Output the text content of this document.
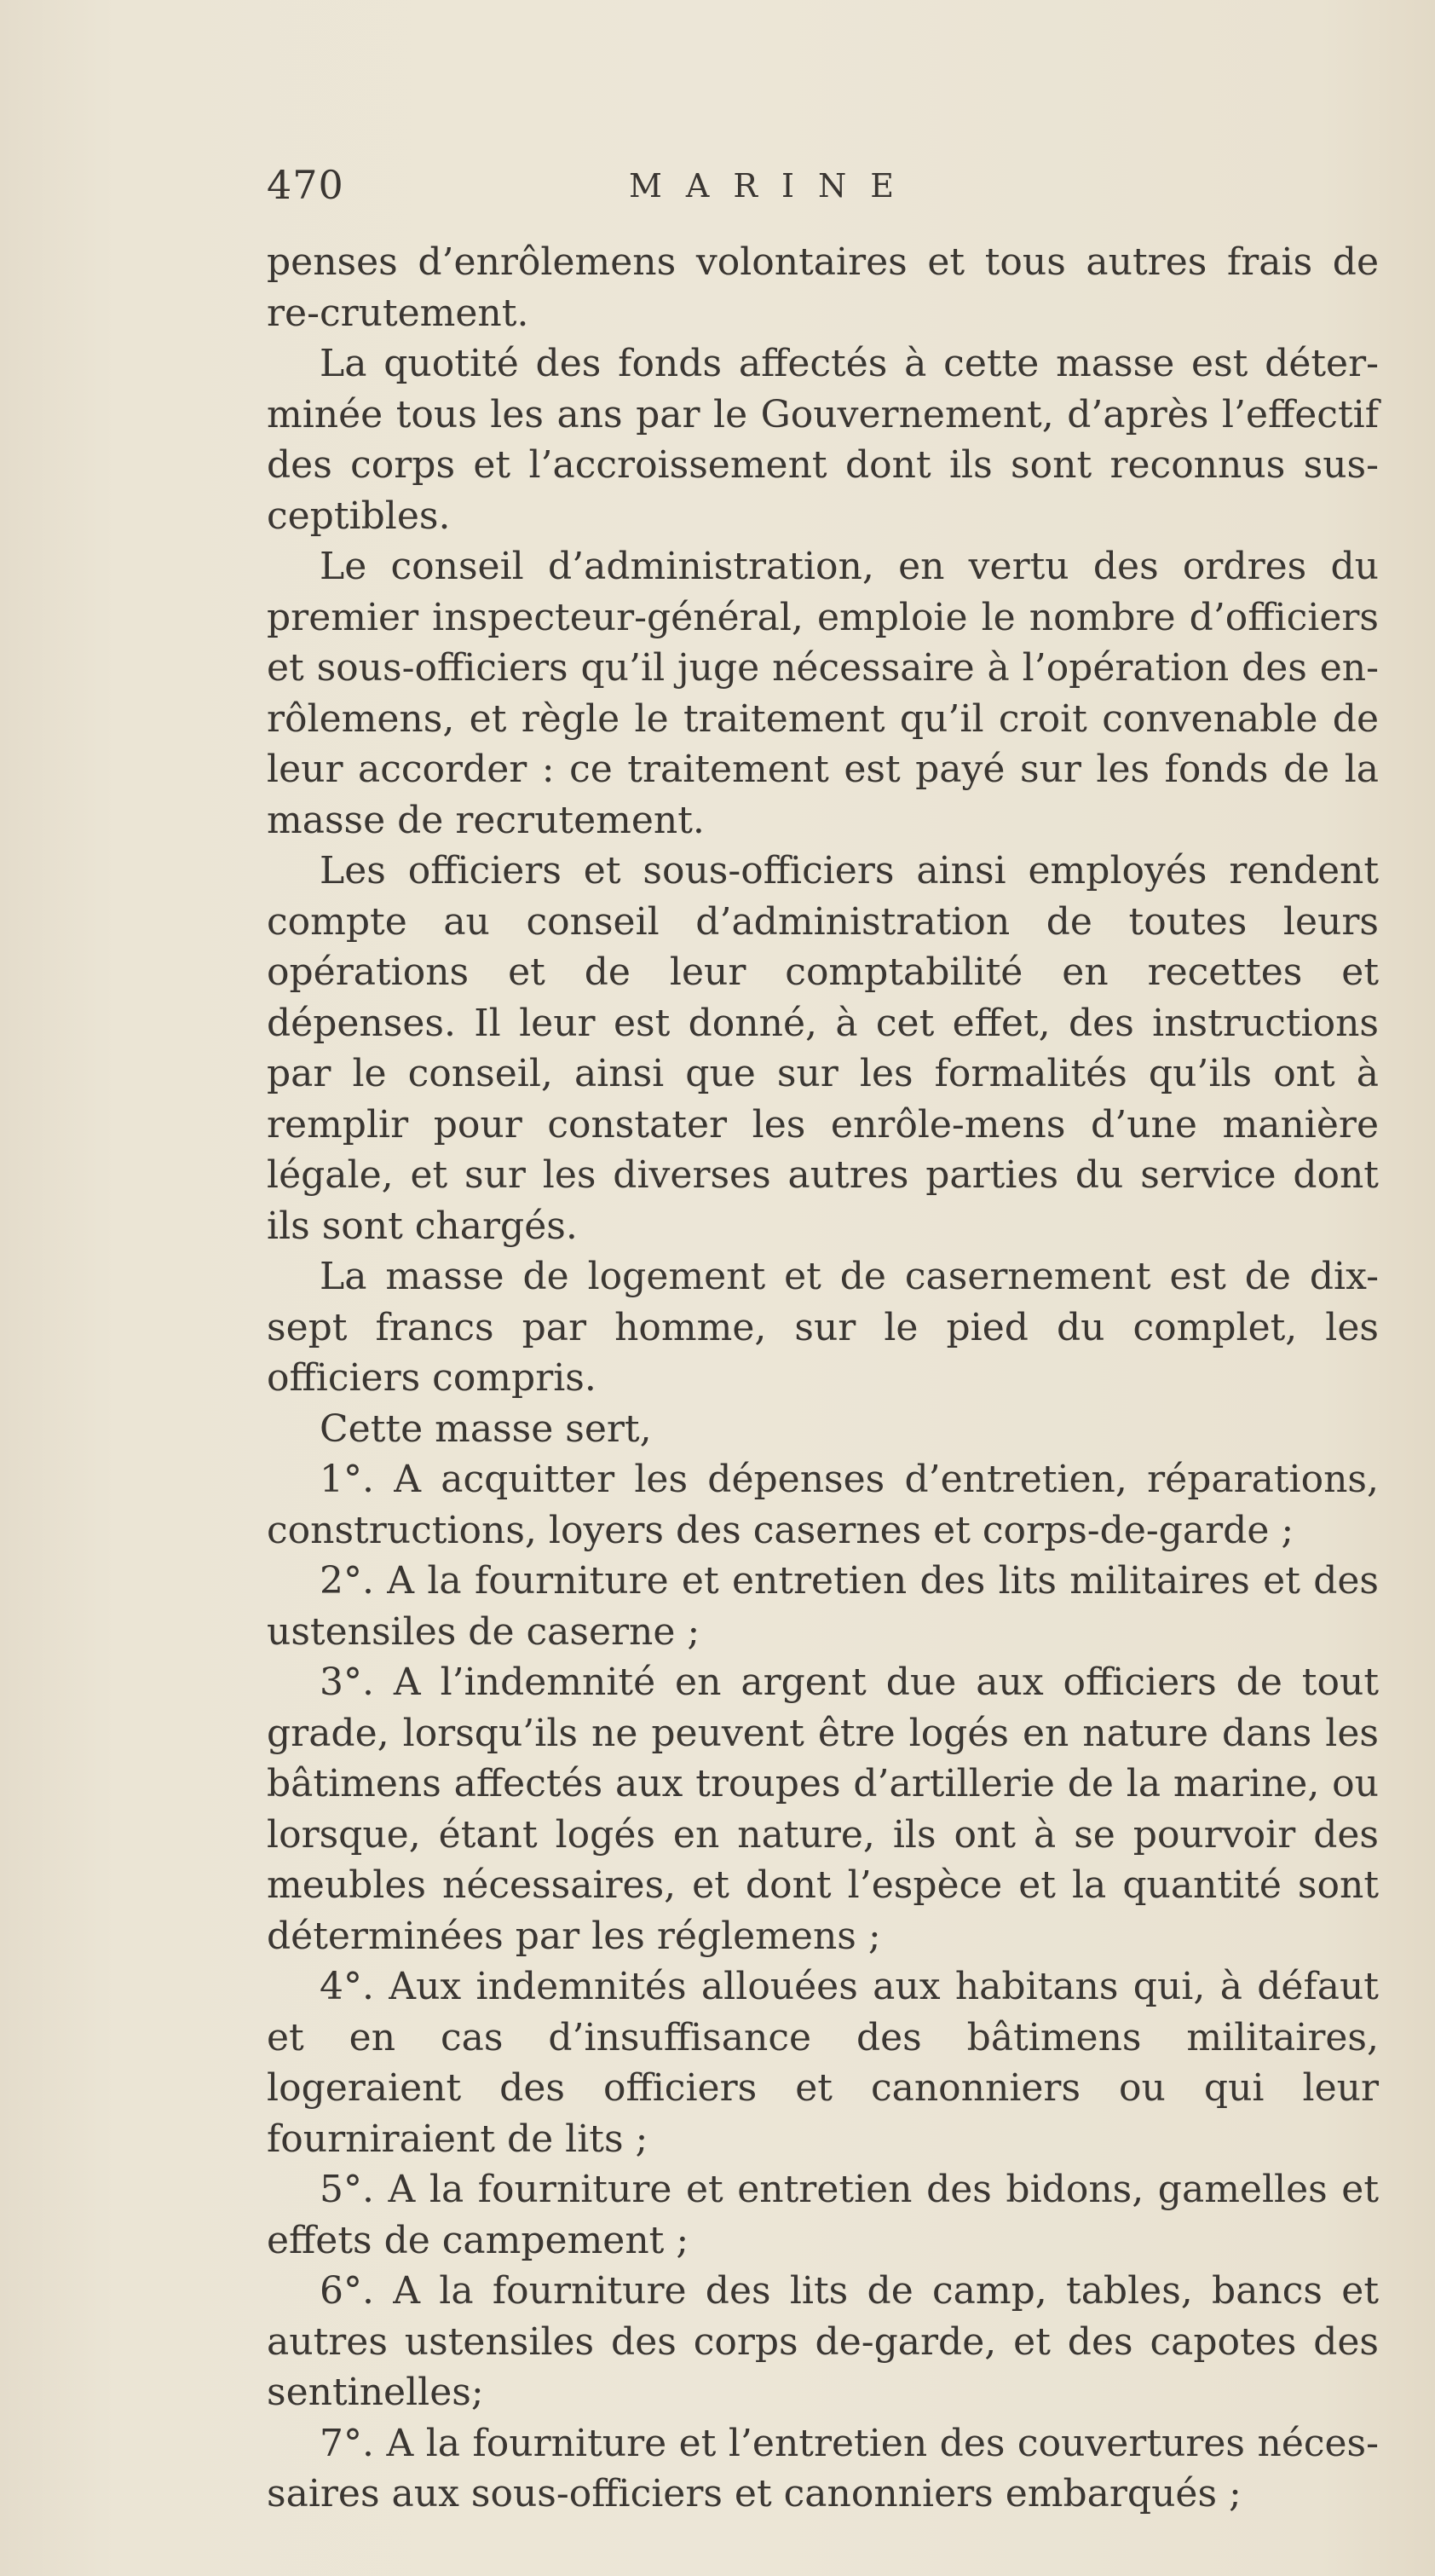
470	MARINE

penses d’enrôlemens volontaires et tous autres frais de re-crutement.

La quotité des fonds affectés à cette masse est déter-minée tous les ans par le Gouvernement, d’après l’effectif des corps et l’accroissement dont ils sont reconnus sus-ceptibles.

Le conseil d’administration, en vertu des ordres du premier inspecteur-général, emploie le nombre d’officiers et sous-officiers qu’il juge nécessaire à l’opération des en-rôlemens, et règle le traitement qu’il croit convenable de leur accorder : ce traitement est payé sur les fonds de la masse de recrutement.

Les officiers et sous-officiers ainsi employés rendent compte au conseil d’administration de toutes leurs opérations et de leur comptabilité en recettes et dépenses. Il leur est donné, à cet effet, des instructions par le conseil, ainsi que sur les formalités qu’ils ont à remplir pour constater les enrôle-mens d’une manière légale, et sur les diverses autres parties du service dont ils sont chargés.

La masse de logement et de casernement est de dix-sept francs par homme, sur le pied du complet, les officiers compris.

Cette masse sert,

1°. A acquitter les dépenses d’entretien, réparations, constructions, loyers des casernes et corps-de-garde ;

2°. A la fourniture et entretien des lits militaires et des ustensiles de caserne ;

3°. A l’indemnité en argent due aux officiers de tout grade, lorsqu’ils ne peuvent être logés en nature dans les bâtimens affectés aux troupes d’artillerie de la marine, ou lorsque, étant logés en nature, ils ont à se pourvoir des meubles nécessaires, et dont l’espèce et la quantité sont déterminées par les réglemens ;

4°. Aux indemnités allouées aux habitans qui, à défaut et en cas d’insuffisance des bâtimens militaires, logeraient des officiers et canonniers ou qui leur fourniraient de lits ;

5°. A la fourniture et entretien des bidons, gamelles et effets de campement ;

6°. A la fourniture des lits de camp, tables, bancs et autres ustensiles des corps de-garde, et des capotes des sentinelles;

7°. A la fourniture et l’entretien des couvertures néces-saires aux sous-officiers et canonniers embarqués ;
